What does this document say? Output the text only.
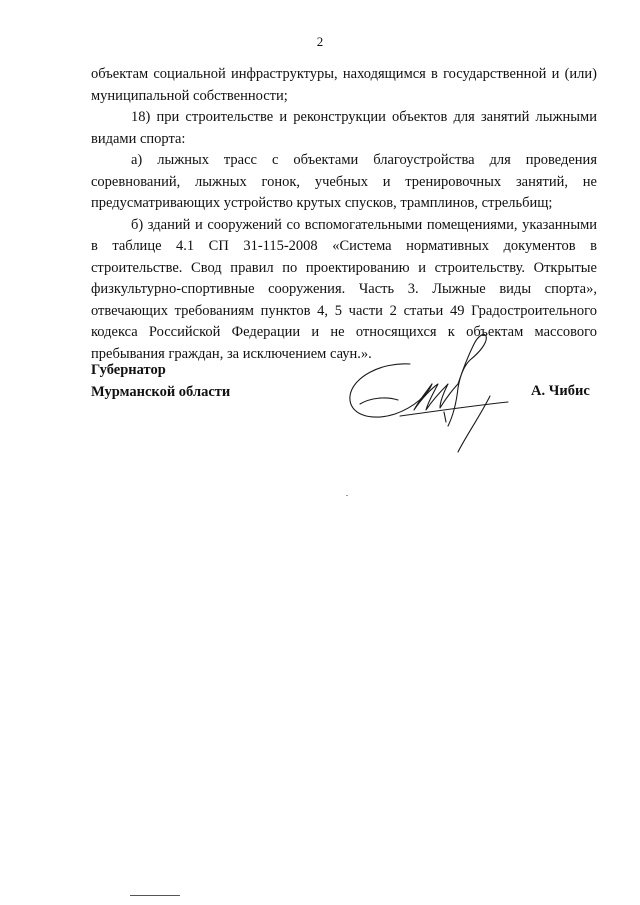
2

объектам социальной инфраструктуры, находящимся в государственной и (или) муниципальной собственности;

18) при строительстве и реконструкции объектов для занятий лыжными видами спорта:

а) лыжных трасс с объектами благоустройства для проведения соревнований, лыжных гонок, учебных и тренировочных занятий, не предусматривающих устройство крутых спусков, трамплинов, стрельбищ;

б) зданий и сооружений со вспомогательными помещениями, указанными в таблице 4.1 СП 31-115-2008 «Система нормативных документов в строительстве. Свод правил по проектированию и строительству. Открытые физкультурно-спортивные сооружения. Часть 3. Лыжные виды спорта», отвечающих требованиям пунктов 4, 5 части 2 статьи 49 Градостроительного кодекса Российской Федерации и не относящихся к объектам массового пребывания граждан, за исключением саун.».

Губернатор
Мурманской области	А. Чибис
